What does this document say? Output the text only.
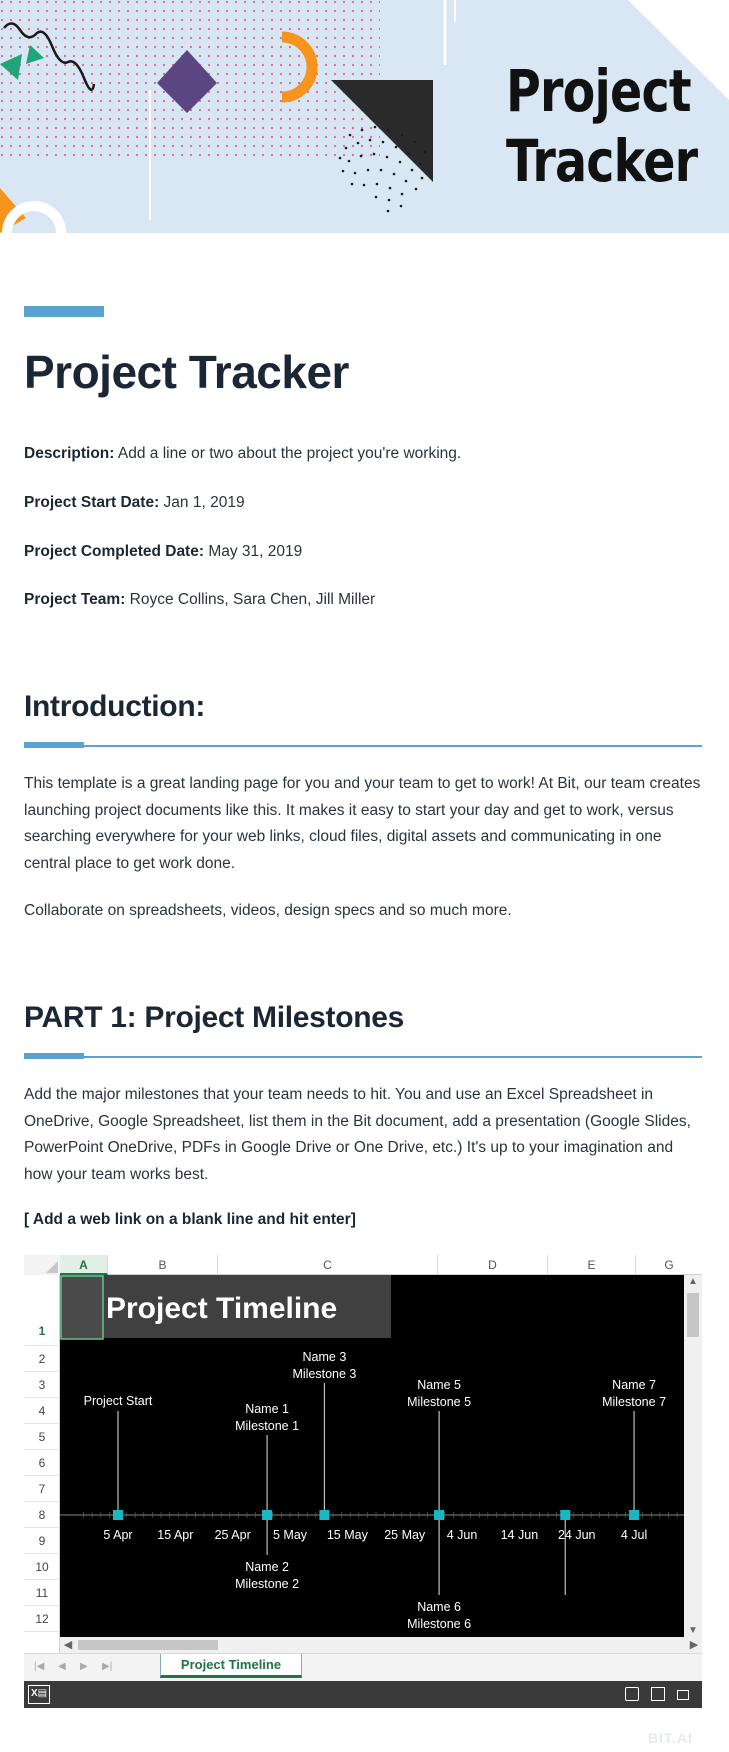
Project
Tracker
Project Tracker
Description: Add a line or two about the project you're working.
Project Start Date: Jan 1, 2019
Project Completed Date: May 31, 2019
Project Team: Royce Collins, Sara Chen, Jill Miller
Introduction:

This template is a great landing page for you and your team to get to work! At Bit, our team creates launching project documents like this. It makes it easy to start your day and get to work, versus searching everywhere for your web links, cloud files, digital assets and communicating in one central place to get work done.

Collaborate on spreadsheets, videos, design specs and so much more.

PART 1: Project Milestones

Add the major milestones that your team needs to hit. You and use an Excel Spreadsheet in OneDrive, Google Spreadsheet, list them in the Bit document, add a presentation (Google Slides, PowerPoint OneDrive, PDFs in Google Drive or One Drive, etc.) It's up to your imagination and how your team works best.

[ Add a web link on a blank line and hit enter]
A	B	C	D	E	G
1
2
3
4
5
6
7
8
9
10
11
12
Project Timeline
5 Apr 15 Apr 25 Apr 5 May 15 May 25 May 4 Jun 14 Jun 24 Jun 4 Jul
Project Start
Name 1
Milestone 1
Name 2
Milestone 2
Name 3
Milestone 3
Name 5
Milestone 5
Name 6
Milestone 6
Name 7
Milestone 7
▲
▼
◀	▶
|◀ ◀ ▶ ▶|	Project Timeline
X▤
BIT.AI
